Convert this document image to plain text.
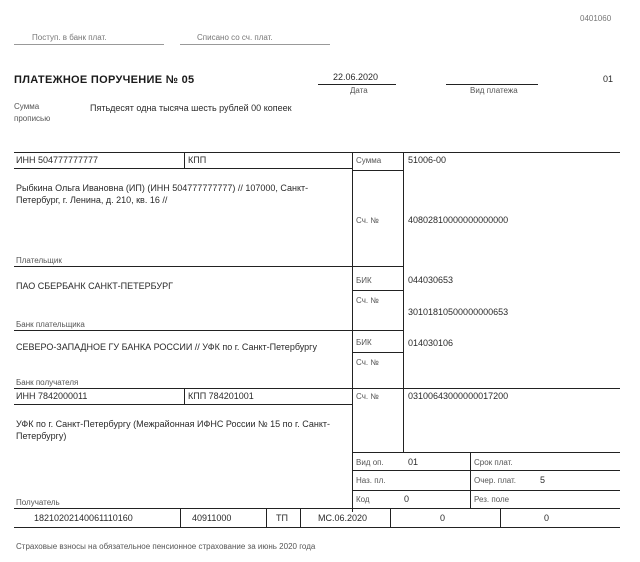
0401060
Поступ. в банк плат.	Списано со сч. плат.
ПЛАТЕЖНОЕ ПОРУЧЕНИЕ № 05	22.06.2020
Дата	Вид платежа
01
Сумма прописью
Пятьдесят одна тысяча шесть рублей 00 копеек
ИНН 504777777777	КПП
Рыбкина Ольга Ивановна (ИП) (ИНН 504777777777) // 107000, Санкт-Петербург, г. Ленина, д. 210, кв. 16 //
Плательщик
Сумма	51006-00
Сч. №	40802810000000000000
ПАО СБЕРБАНК САНКТ-ПЕТЕРБУРГ
Банк плательщика
БИК	044030653
Сч. №
30101810500000000653
СЕВЕРО-ЗАПАДНОЕ ГУ БАНКА РОССИИ // УФК по г. Санкт-Петербургу
Банк получателя
БИК	014030106
Сч. №
ИНН 7842000011	КПП 784201001
УФК по г. Санкт-Петербургу (Межрайонная ИФНС России № 15 по г. Санкт-Петербургу)
Получатель
Сч. №	03100643000000017200
Вид оп.	01	Срок плат.
Наз. пл.	Очер. плат.	5
Код	0	Рез. поле
18210202140061110160	40911000	ТП	МС.06.2020	0	0
Страховые взносы на обязательное пенсионное страхование за июнь 2020 года
